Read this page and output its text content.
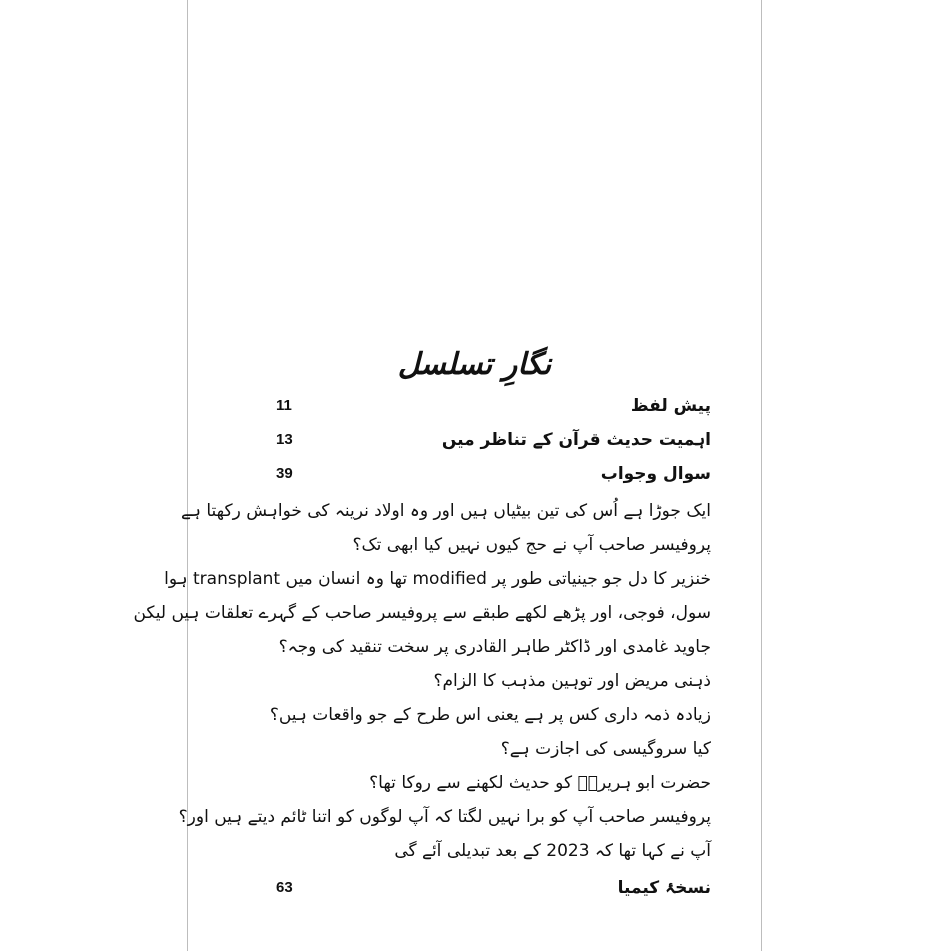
نگارِ تسلسل
پیش لفظ
11
اہمیت حدیث قرآن کے تناظر میں
13
سوال وجواب
39
ایک جوڑا ہے اُس کی تین بیٹیاں ہیں اور وہ اولاد نرینہ کی خواہش رکھتا ہے
پروفیسر صاحب آپ نے حج کیوں نہیں کیا ابھی تک؟
خنزیر کا دل جو جینیاتی طور پر modified تھا وہ انسان میں transplant ہوا
سول، فوجی، اور پڑھے لکھے طبقے سے پروفیسر صاحب کے گہرے تعلقات ہیں لیکن
جاوید غامدی اور ڈاکٹر طاہر القادری پر سخت تنقید کی وجہ؟
ذہنی مریض اور توہین مذہب کا الزام؟
زیادہ ذمہ داری کس پر ہے یعنی اس طرح کے جو واقعات ہیں؟
کیا سروگیسی کی اجازت ہے؟
حضرت ابو ہریرہؓ کو حدیث لکھنے سے روکا تھا؟
پروفیسر صاحب آپ کو برا نہیں لگتا کہ آپ لوگوں کو اتنا ٹائم دیتے ہیں اور؟
آپ نے کہا تھا کہ 2023 کے بعد تبدیلی آئے گی
نسخۂ کیمیا
63
